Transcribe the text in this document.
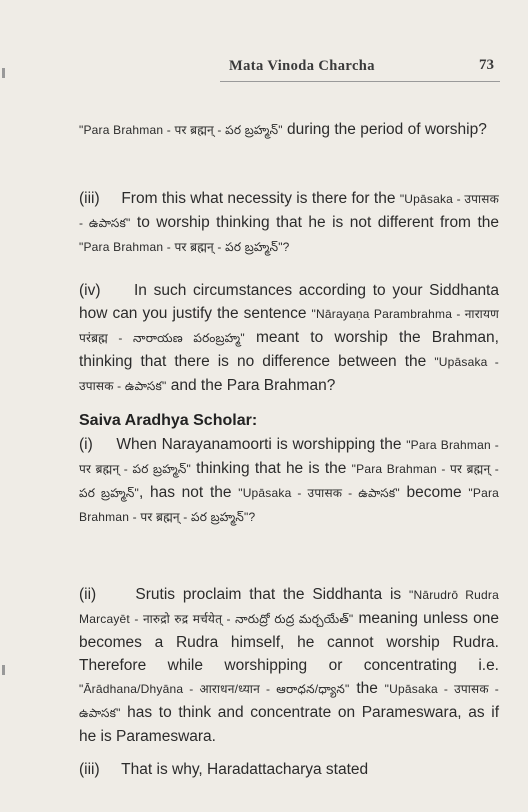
Mata Vinoda Charcha	73

"Para Brahman - पर ब्रह्मन् - పర బ్రహ్మన్" during the period of worship?

(iii)     From this what necessity is there for the "Upāsaka - उपासक - ఉపాసక" to worship thinking that he is not different from the "Para Brahman - पर ब्रह्मन् - పర బ్రహ్మన్"?

(iv)     In such circumstances according to your Siddhanta how can you justify the sentence "Nārayaṇa Parambrahma - नारायण परंब्रह्म - నారాయణ పరంబ్రహ్మ" meant to worship the Brahman, thinking that there is no difference between the "Upāsaka - उपासक - ఉపాసక" and the Para Brahman?

Saiva Aradhya Scholar:

(i)     When Narayanamoorti is worshipping the "Para Brahman - पर ब्रह्मन् - పర బ్రహ్మన్" thinking that he is the "Para Brahman - पर ब्रह्मन् - పర బ్రహ్మన్", has not the "Upāsaka - उपासक - ఉపాసక" become "Para Brahman - पर ब्रह्मन् - పర బ్రహ్మన్"?

(ii)     Srutis proclaim that the Siddhanta is "Nārudrō Rudra Marcayēt - नारुद्रो रुद्र मर्चयेत् - నారుద్రో రుద్ర మర్చయేత్" meaning unless one becomes a Rudra himself, he cannot worship Rudra. Therefore while worshipping or concentrating i.e. "Ārādhana/Dhyāna - आराधन/ध्यान - ఆరాధన/ధ్యాన" the "Upāsaka - उपासक - ఉపాసక" has to think and concentrate on Parameswara, as if he is Parameswara.

(iii)     That is why, Haradattacharya stated
